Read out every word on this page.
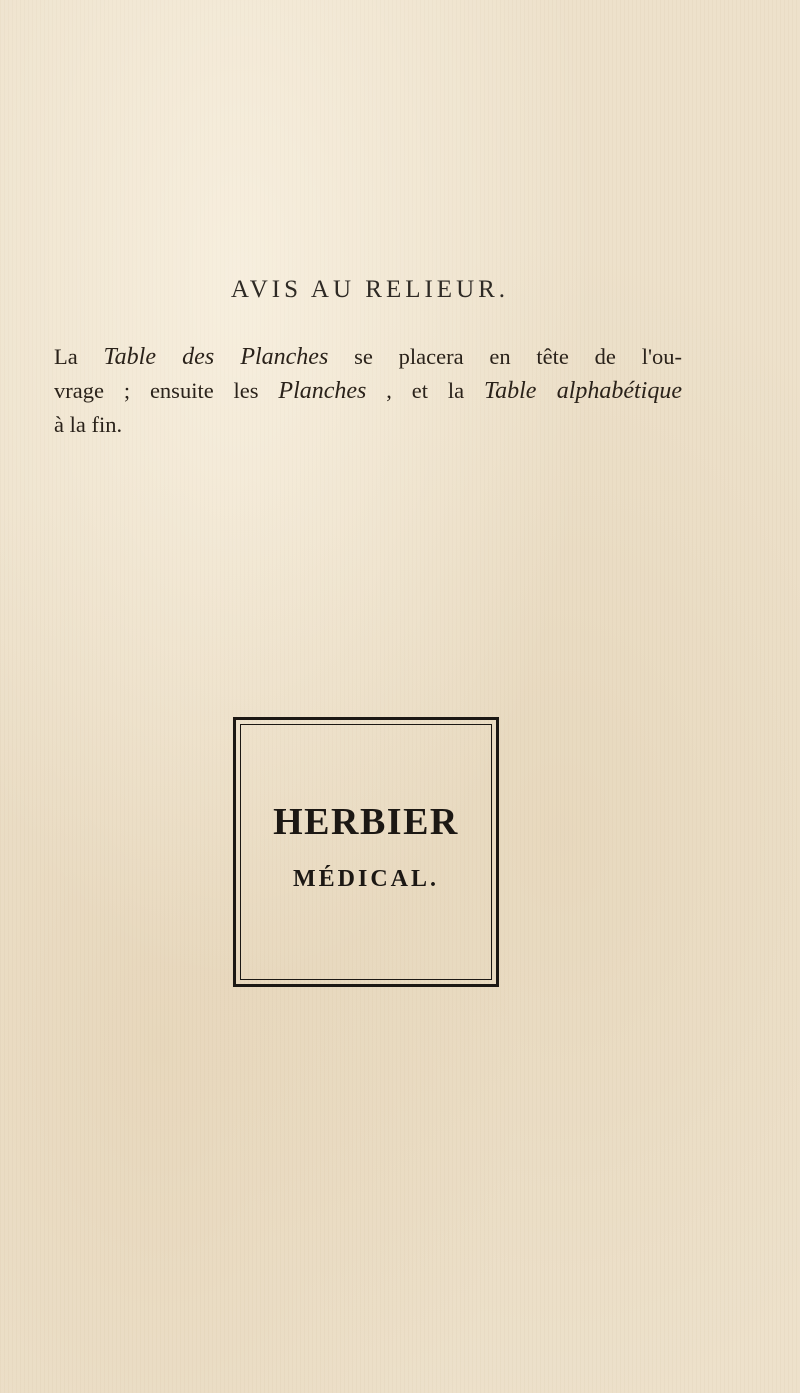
AVIS AU RELIEUR.
La Table des Planches se placera en tête de l'ou-
vrage ; ensuite les Planches , et la Table alphabétique
à la fin.
HERBIER
MÉDICAL.
